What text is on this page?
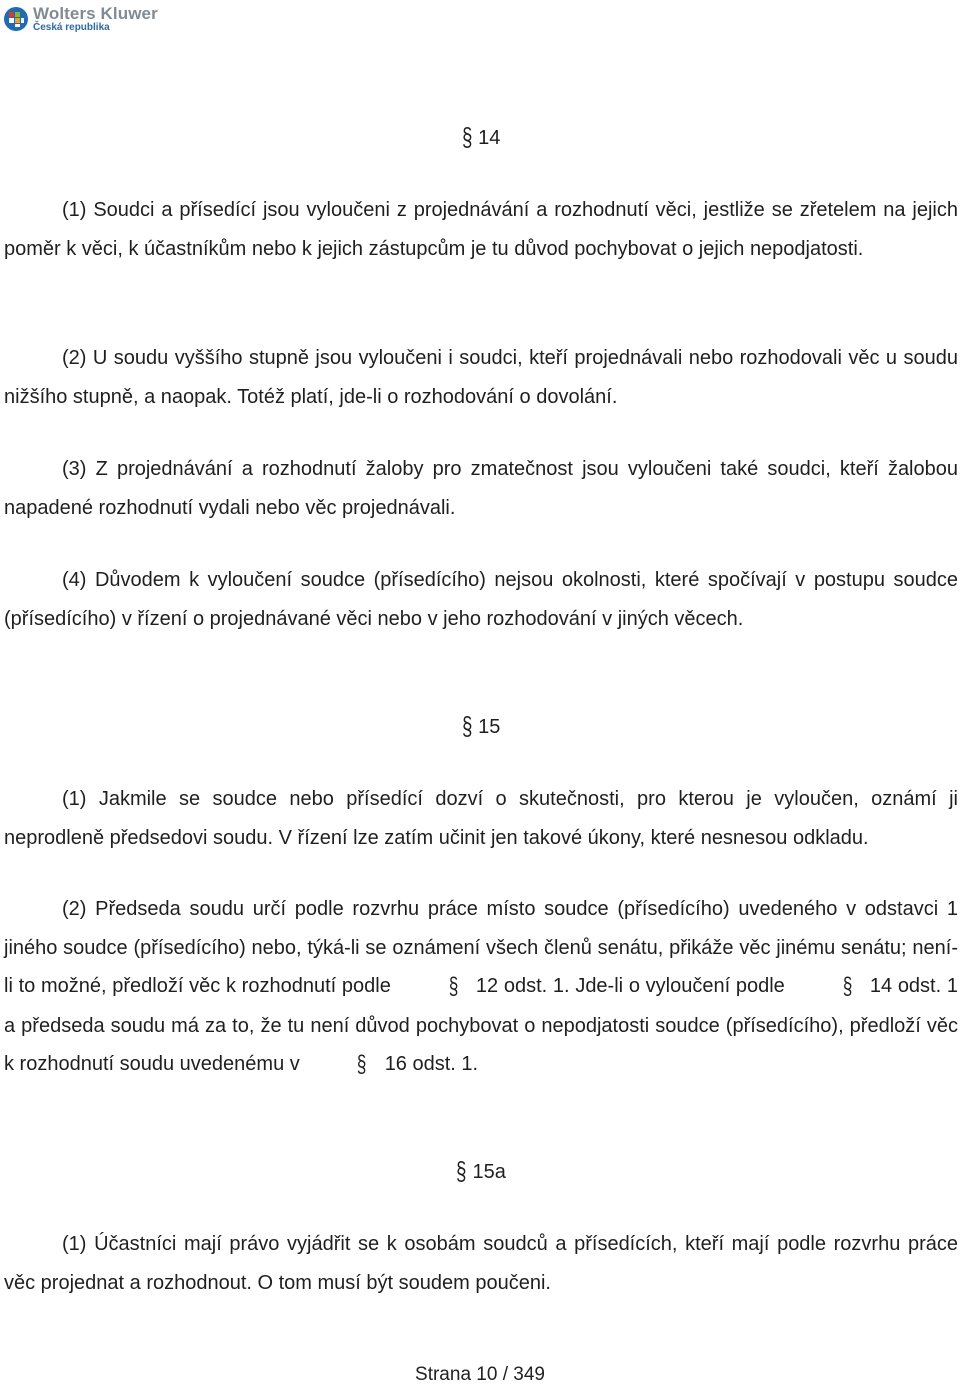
Wolters Kluwer
Česká republika
§ 14

(1) Soudci a přísedící jsou vyloučeni z projednávání a rozhodnutí věci, jestliže se zřetelem na jejich poměr k věci, k účastníkům nebo k jejich zástupcům je tu důvod pochybovat o jejich nepodjatosti.

(2) U soudu vyššího stupně jsou vyloučeni i soudci, kteří projednávali nebo rozhodovali věc u soudu nižšího stupně, a naopak. Totéž platí, jde-li o rozhodování o dovolání.

(3) Z projednávání a rozhodnutí žaloby pro zmatečnost jsou vyloučeni také soudci, kteří žalobou napadené rozhodnutí vydali nebo věc projednávali.

(4) Důvodem k vyloučení soudce (přísedícího) nejsou okolnosti, které spočívají v postupu soudce (přísedícího) v řízení o projednávané věci nebo v jeho rozhodování v jiných věcech.

§ 15

(1) Jakmile se soudce nebo přísedící dozví o skutečnosti, pro kterou je vyloučen, oznámí ji neprodleně předsedovi soudu. V řízení lze zatím učinit jen takové úkony, které nesnesou odkladu.

(2) Předseda soudu určí podle rozvrhu práce místo soudce (přísedícího) uvedeného v odstavci 1 jiného soudce (přísedícího) nebo, týká-li se oznámení všech členů senátu, přikáže věc jinému senátu; není-li to možné, předloží věc k rozhodnutí podle § 12 odst. 1. Jde-li o vyloučení podle § 14 odst. 1 a předseda soudu má za to, že tu není důvod pochybovat o nepodjatosti soudce (přísedícího), předloží věc k rozhodnutí soudu uvedenému v § 16 odst. 1.

§ 15a

(1) Účastníci mají právo vyjádřit se k osobám soudců a přísedících, kteří mají podle rozvrhu práce věc projednat a rozhodnout. O tom musí být soudem poučeni.

Strana 10 / 349
